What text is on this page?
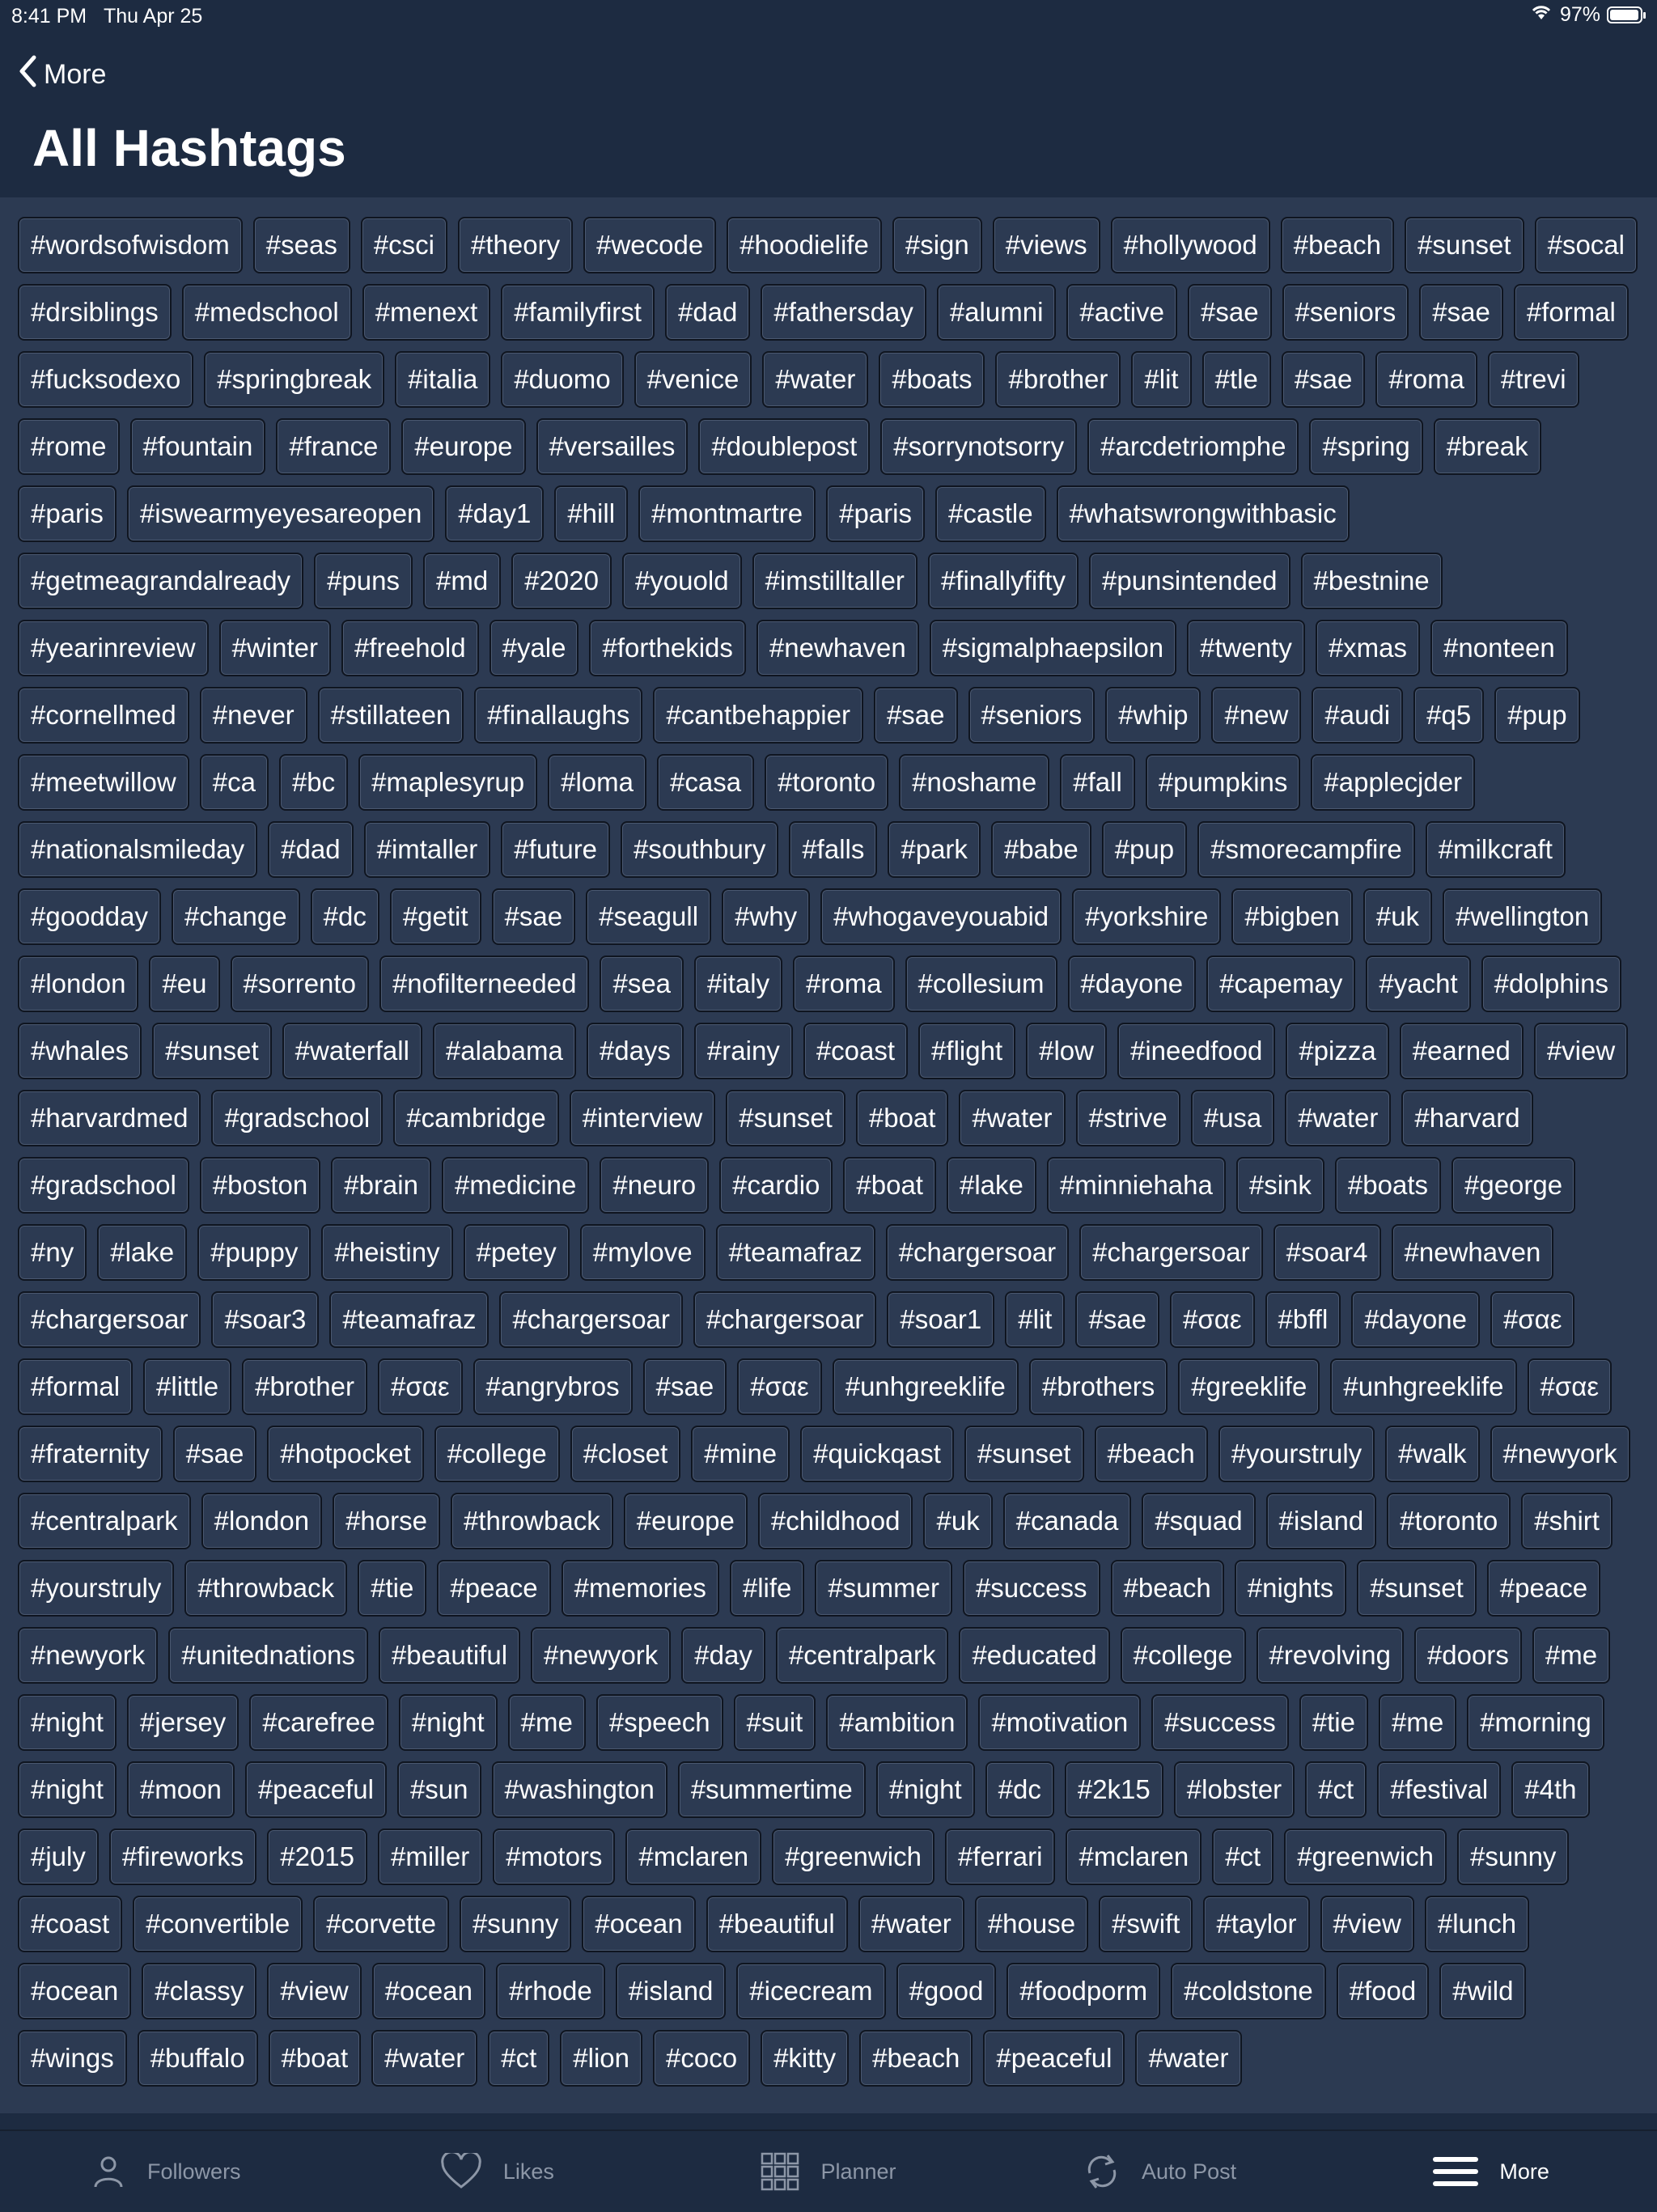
8:41 PM Thu Apr 25	97%
More
All Hashtags
#wordsofwisdom	#seas	#csci	#theory	#wecode	#hoodielife	#sign	#views	#hollywood	#beach	#sunset	#socal
#drsiblings	#medschool	#menext	#familyfirst	#dad	#fathersday	#alumni	#active	#sae	#seniors	#sae	#formal
#fucksodexo	#springbreak	#italia	#duomo	#venice	#water	#boats	#brother	#lit	#tle	#sae	#roma	#trevi
#rome	#fountain	#france	#europe	#versailles	#doublepost	#sorrynotsorry	#arcdetriomphe	#spring	#break
#paris	#iswearmyeyesareopen	#day1	#hill	#montmartre	#paris	#castle	#whatswrongwithbasic
#getmeagrandalready	#puns	#md	#2020	#youold	#imstilltaller	#finallyfifty	#punsintended	#bestnine
#yearinreview	#winter	#freehold	#yale	#forthekids	#newhaven	#sigmalphaepsilon	#twenty	#xmas	#nonteen
#cornellmed	#never	#stillateen	#finallaughs	#cantbehappier	#sae	#seniors	#whip	#new	#audi	#q5	#pup
#meetwillow	#ca	#bc	#maplesyrup	#loma	#casa	#toronto	#noshame	#fall	#pumpkins	#applecjder
#nationalsmileday	#dad	#imtaller	#future	#southbury	#falls	#park	#babe	#pup	#smorecampfire	#milkcraft
#goodday	#change	#dc	#getit	#sae	#seagull	#why	#whogaveyouabid	#yorkshire	#bigben	#uk	#wellington
#london	#eu	#sorrento	#nofilterneeded	#sea	#italy	#roma	#collesium	#dayone	#capemay	#yacht	#dolphins
#whales	#sunset	#waterfall	#alabama	#days	#rainy	#coast	#flight	#low	#ineedfood	#pizza	#earned	#view
#harvardmed	#gradschool	#cambridge	#interview	#sunset	#boat	#water	#strive	#usa	#water	#harvard
#gradschool	#boston	#brain	#medicine	#neuro	#cardio	#boat	#lake	#minniehaha	#sink	#boats	#george
#ny	#lake	#puppy	#heistiny	#petey	#mylove	#teamafraz	#chargersoar	#chargersoar	#soar4	#newhaven
#chargersoar	#soar3	#teamafraz	#chargersoar	#chargersoar	#soar1	#lit	#sae	#σαε	#bffl	#dayone	#σαε
#formal	#little	#brother	#σαε	#angrybros	#sae	#σαε	#unhgreeklife	#brothers	#greeklife	#unhgreeklife	#σαε
#fraternity	#sae	#hotpocket	#college	#closet	#mine	#quickqast	#sunset	#beach	#yourstruly	#walk	#newyork
#centralpark	#london	#horse	#throwback	#europe	#childhood	#uk	#canada	#squad	#island	#toronto	#shirt
#yourstruly	#throwback	#tie	#peace	#memories	#life	#summer	#success	#beach	#nights	#sunset	#peace
#newyork	#unitednations	#beautiful	#newyork	#day	#centralpark	#educated	#college	#revolving	#doors	#me
#night	#jersey	#carefree	#night	#me	#speech	#suit	#ambition	#motivation	#success	#tie	#me	#morning
#night	#moon	#peaceful	#sun	#washington	#summertime	#night	#dc	#2k15	#lobster	#ct	#festival	#4th
#july	#fireworks	#2015	#miller	#motors	#mclaren	#greenwich	#ferrari	#mclaren	#ct	#greenwich	#sunny
#coast	#convertible	#corvette	#sunny	#ocean	#beautiful	#water	#house	#swift	#taylor	#view	#lunch
#ocean	#classy	#view	#ocean	#rhode	#island	#icecream	#good	#foodporm	#coldstone	#food	#wild
#wings	#buffalo	#boat	#water	#ct	#lion	#coco	#kitty	#beach	#peaceful	#water
Followers	Likes	Planner	Auto Post	More
